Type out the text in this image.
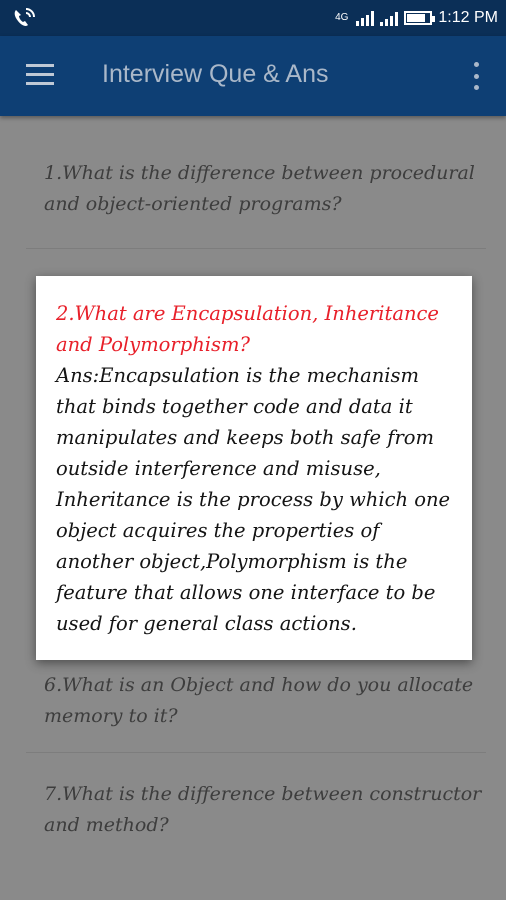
4G	1:12 PM
Interview Que & Ans
1.What is the difference between procedural and object-oriented programs?
6.What is an Object and how do you allocate memory to it?
7.What is the difference between constructor and method?
2.What are Encapsulation, Inheritance and Polymorphism?
Ans:Encapsulation is the mechanism that binds together code and data it manipulates and keeps both safe from outside interference and misuse, Inheritance is the process by which one object acquires the properties of another object,Polymorphism is the feature that allows one interface to be used for general class actions.
